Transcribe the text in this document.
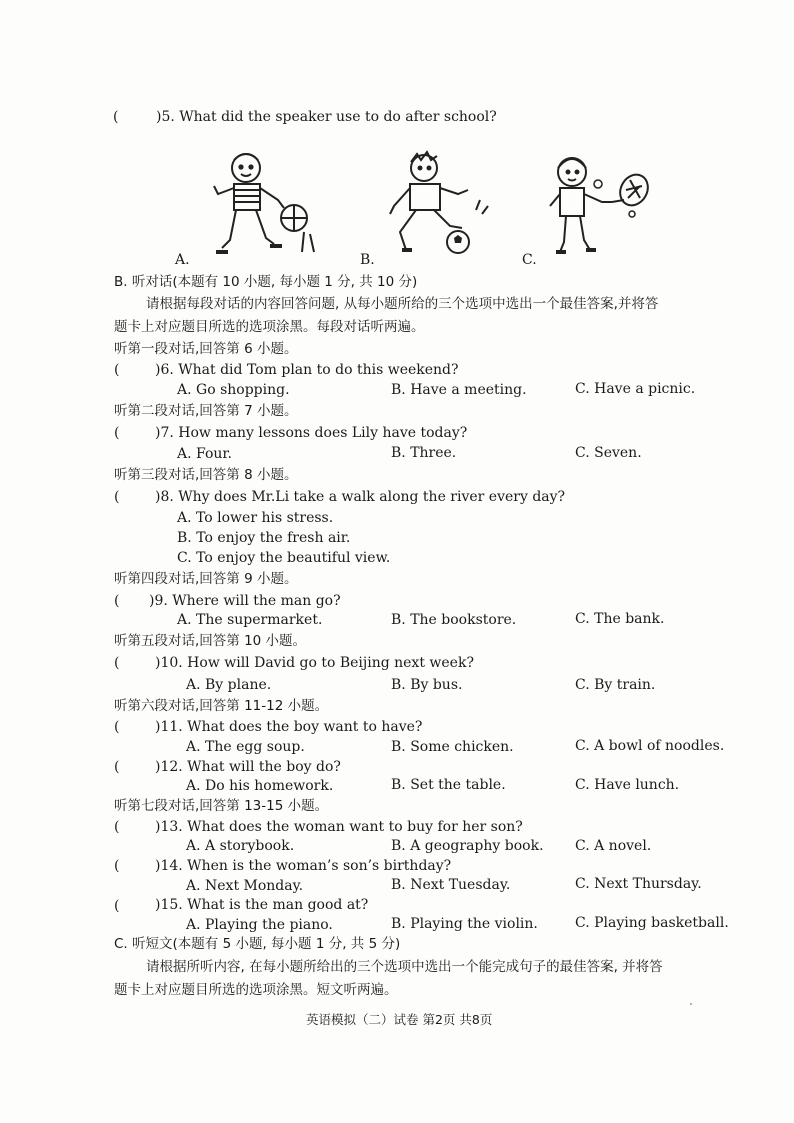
(	)5. What did the speaker use to do after school?
A.	B.	C.
B. 听对话(本题有 10 小题, 每小题 1 分, 共 10 分)
请根据每段对话的内容回答问题, 从每小题所给的三个选项中选出一个最佳答案,并将答
题卡上对应题目所选的选项涂黑。每段对话听两遍。
听第一段对话,回答第 6 小题。
(	)6. What did Tom plan to do this weekend?
A. Go shopping.	B. Have a meeting.	C. Have a picnic.
听第二段对话,回答第 7 小题。
(	)7. How many lessons does Lily have today?
A. Four.	B. Three.	C. Seven.
听第三段对话,回答第 8 小题。
(	)8. Why does Mr.Li take a walk along the river every day?
A. To lower his stress.
B. To enjoy the fresh air.
C. To enjoy the beautiful view.
听第四段对话,回答第 9 小题。
( )9. Where will the man go?
A. The supermarket.	B. The bookstore.	C. The bank.
听第五段对话,回答第 10 小题。
(	)10. How will David go to Beijing next week?
A. By plane.	B. By bus.	C. By train.
听第六段对话,回答第 11-12 小题。
(	)11. What does the boy want to have?
A. The egg soup.	B. Some chicken.	C. A bowl of noodles.
(	)12. What will the boy do?
A. Do his homework.	B. Set the table.	C. Have lunch.
听第七段对话,回答第 13-15 小题。
(	)13. What does the woman want to buy for her son?
A. A storybook.	B. A geography book. C. A novel.
(	)14. When is the woman’s son’s birthday?
A. Next Monday.	B. Next Tuesday.	C. Next Thursday.
(	)15. What is the man good at?
A. Playing the piano.	B. Playing the violin.	C. Playing basketball.
C. 听短文(本题有 5 小题, 每小题 1 分, 共 5 分)
请根据所听内容, 在每小题所给出的三个选项中选出一个能完成句子的最佳答案, 并将答
题卡上对应题目所选的选项涂黑。短文听两遍。
英语模拟（二）试卷 第2页 共8页
